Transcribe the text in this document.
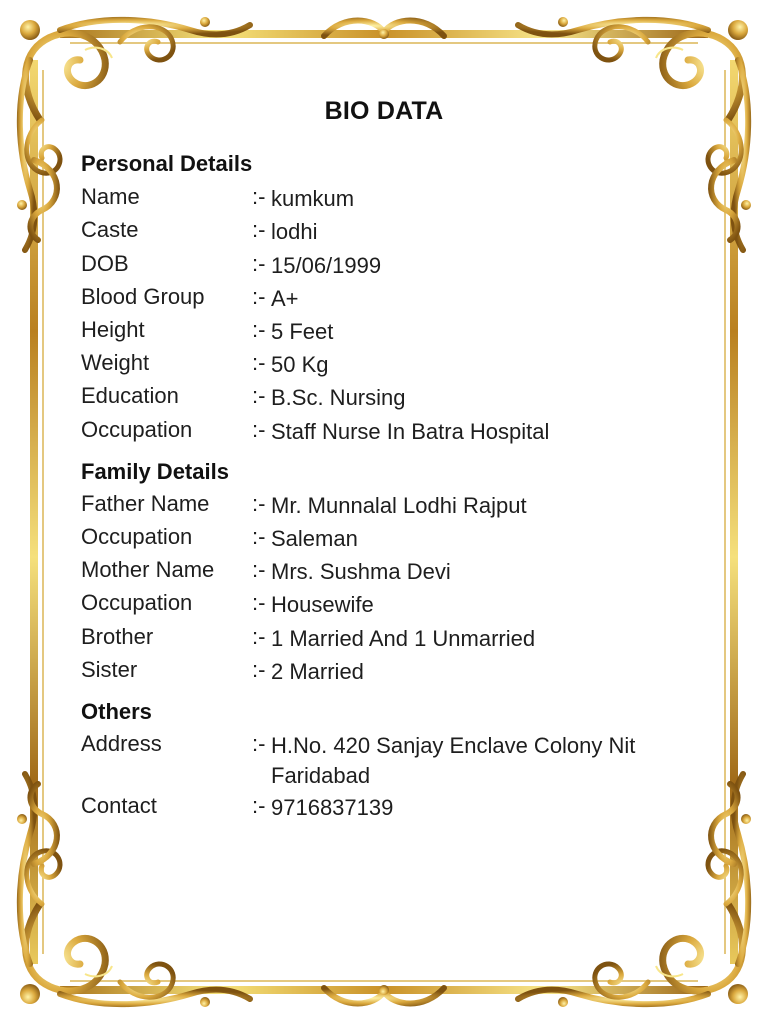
BIO DATA
Personal Details
Name	:- kumkum
Caste	:- lodhi
DOB	:- 15/06/1999
Blood Group :- A+
Height	:- 5 Feet
Weight	:- 50 Kg
Education	:- B.Sc. Nursing
Occupation	:- Staff Nurse In Batra Hospital
Family Details
Father Name :- Mr. Munnalal Lodhi Rajput
Occupation	:- Saleman
Mother Name :- Mrs. Sushma Devi
Occupation	:- Housewife
Brother	:- 1 Married And 1 Unmarried
Sister	:- 2 Married
Others
Address	:- H.No. 420 Sanjay Enclave Colony Nit Faridabad
Contact	:- 9716837139
